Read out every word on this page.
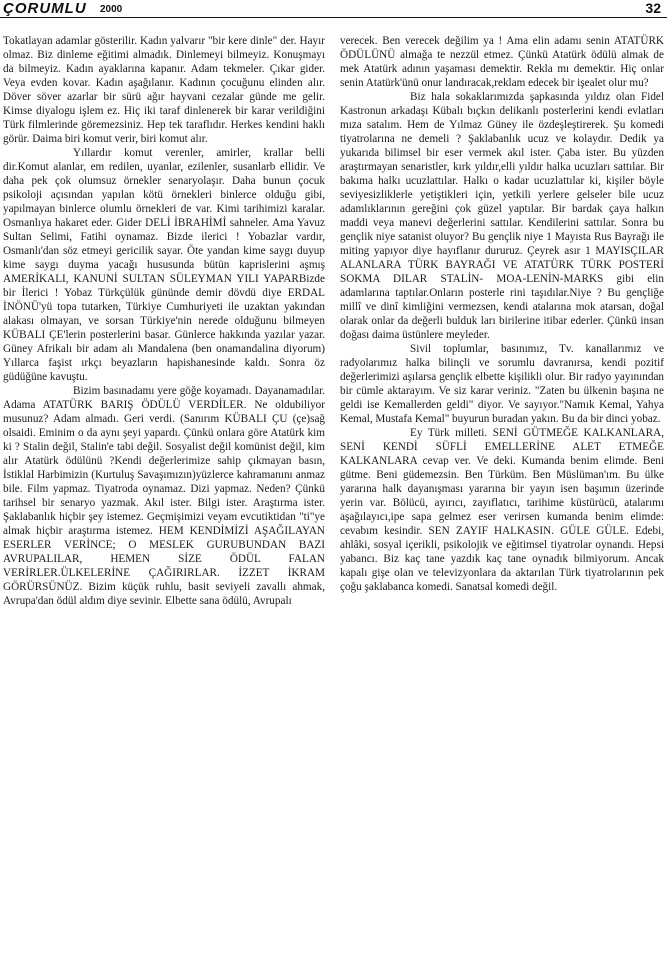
ÇORUMLU 2000	32

Tokatlayan adamlar gösterilir. Kadın yalvarır "bir kere dinle" der. Hayır olmaz. Biz dinleme eğitimi almadık. Dinlemeyi bilmeyiz. Konuşmayı da bilmeyiz. Kadın ayaklarına kapanır. Adam tekmeler. Çıkar gider. Veya evden kovar. Kadın aşağılanır. Kadının çocuğunu elinden alır. Döver söver azarlar bir sürü ağır hayvani cezalar günde me gelir. Kimse diyalogu işlem ez. Hiç iki taraf dinlenerek bir karar verildiğini Türk filmlerinde göremezsiniz. Hep tek taraflıdır. Herkes kendini haklı görür. Daima biri komut verir, biri komut alır.

Yıllardır komut verenler, amirler, krallar belli dir.Komut alanlar, em redilen, uyanlar, ezilenler, susanlarb ellidir. Ve daha pek çok olumsuz örnekler senaryolaşır. Daha bunun çocuk psikoloji açısından yapılan kötü örnekleri binlerce olduğu gibi, yapılmayan binlerce olumlu örnekleri de var. Kimi tarihimizi karalar. Osmanlıya hakaret eder. Gider DELİ İBRAHİMİ sahneler. Ama Yavuz Sultan Selimi, Fatihi oynamaz. Bizde ilerici ! Yobazlar vardır, Osmanlı'dan söz etmeyi gericilik sayar. Öte yandan kime saygı duyup kime saygı duyma yacağı hususunda bütün kaprislerini aşmış AMERİKALI, KANUNİ SULTAN SÜLEYMAN YILI YAPARBizde bir İlerici ! Yobaz Türkçülük gününde demir dövdü diye ERDAL İNÖNÜ'yü topa tutarken, Türkiye Cumhuriyeti ile uzaktan yakından alakası olmayan, ve sorsan Türkiye'nin nerede olduğunu bilmeyen KÜBALI ÇE'lerin posterlerini basar. Günlerce hakkında yazılar yazar. Güney Afrikalı bir adam alı Mandalena (ben onamandalina diyorum) Yıllarca faşist ırkçı beyazların hapishanesinde kaldı. Sonra öz güdüğüne kavuştu.

Bizim basınadamı yere göğe koyamadı. Dayanamadılar. Adama ATATÜRK BARIŞ ÖDÜLÜ VERDİLER. Ne oldubiliyor musunuz? Adam almadı. Geri verdi. (Sanırım KÜBALI ÇU (çe)sağ olsaidi. Eminim o da aynı şeyi yapardı. Çünkü onlara göre Atatürk kim ki ? Stalin değil, Stalin'e tabi değil. Sosyalist değil komünist değil, kim alır Atatürk ödülünü ?Kendi değerlerimize sahip çıkmayan basın, İstiklal Harbimizin (Kurtuluş Savaşımızın)yüzlerce kahramanını anmaz bile. Film yapmaz. Tiyatroda oynamaz. Dizi yapmaz. Neden? Çünkü tarihsel bir senaryo yazmak. Akıl ister. Bilgi ister. Araştırma ister. Şaklabanlık hiçbir şey istemez. Geçmişimizi veyam evcutiktidan "ti"ye almak hiçbir araştırma istemez. HEM KENDİMİZİ AŞAĞILAYAN ESERLER VERİNCE; O MESLEK GURUBUNDAN BAZI AVRUPALILAR, HEMEN SİZE ÖDÜL FALAN VERİRLER.ÜLKELERİNE ÇAĞIRIRLAR. İZZET İKRAM GÖRÜRSÜNÜZ. Bizim küçük ruhlu, basit seviyeli zavallı ahmak, Avrupa'dan ödül aldım diye sevinir. Elbette sana ödülü, Avrupalı

verecek. Ben verecek değilim ya ! Ama elin adamı senin ATATÜRK ÖDÜLÜNÜ almağa te nezzül etmez. Çünkü Atatürk ödülü almak de mek Atatürk adının yaşaması demektir. Rekla mı demektir. Hiç onlar senin Atatürk'ünü onur landıracak,reklam edecek bir işealet olur mu?

Biz hala sokaklarımızda şapkasında yıldız olan Fidel Kastronun arkadaşı Kübalı bıçkın delikanlı posterlerini kendi evlatları mıza satalım. Hem de Yılmaz Güney ile özdeşleştirerek. Şu komedi tiyatrolarına ne demeli ? Şaklabanlık ucuz ve kolaydır. Dedik ya yukarıda bilimsel bir eser vermek akıl ister. Çaba ister. Bu yüzden araştırmayan senaristler, kırk yıldır,elli yıldır halka ucuzları sattılar. Bir bakıma halkı ucuzlattılar. Halkı o kadar ucuzlattılar ki, kişiler böyle seviyesizliklerle yetiştikleri için, yetkili yerlere gelseler bile ucuz adamlıklarının gereğini çok güzel yaptılar. Bir bardak çaya halkın maddi veya manevi değerlerini sattılar. Kendilerini sattılar. Sonra bu gençlik niye satanist oluyor? Bu gençlik niye 1 Mayısta Rus Bayrağı ile miting yapıyor diye hayıflanır dururuz. Çeyrek asır 1 MAYISÇILAR ALANLARA TÜRK BAYRAĞI VE ATATÜRK TÜRK POSTERİ SOKMA DILAR STALİN- MOA-LENİN-MARKS gibi elin adamlarına taptılar.Onların posterle rini taşıdılar.Niye ? Bu gençliğe millî ve dinî kimliğini vermezsen, kendi atalarına mok atarsan, doğal olarak onlar da değerli bulduk ları birilerine itibar ederler. Çünkü insan doğası daima üstünlere meyleder.

Sivil toplumlar, basınımız, Tv. kanallarımız ve radyolarımız halka bilinçli ve sorumlu davranırsa, kendi pozitif değerlerimizi aşılarsa gençlik elbette kişilikli olur. Bir radyo yayınından bir cümle aktarayım. Ve siz karar veriniz. "Zaten bu ülkenin başına ne geldi ise Kemallerden geldi" diyor. Ve sayıyor."Namık Kemal, Yahya Kemal, Mustafa Kemal" buyurun buradan yakın. Bu da bir dinci yobaz.

Ey Türk milleti. SENİ GÜTMEĞE KALKANLARA, SENİ KENDİ SÜFLİ EMELLERİNE ALET ETMEĞE KALKANLARA cevap ver. Ve deki. Kumanda benim elimde. Beni gütme. Beni güdemezsin. Ben Türküm. Ben Müslüman'ım. Bu ülke yararına halk dayanışması yararına bir yayın isen başımın üzerinde yerin var. Bölücü, ayırıcı, zayıflatıcı, tarihime küstürücü, atalarımı aşağılayıcı,ipe sapa gelmez eser verirsen kumanda benim elimde: cevabım kesindir. SEN ZAYIF HALKASIN. GÜLE GÜLE. Edebi, ahlâki, sosyal içerikli, psikolojik ve eğitimsel tiyatrolar oynandı. Hepsi yabancı. Biz kaç tane yazdık kaç tane oynadık bilmiyorum. Ancak kapalı gişe olan ve televizyonlara da aktarılan Türk tiyatrolarının pek çoğu şaklabanca komedi. Sanatsal komedi değil.
